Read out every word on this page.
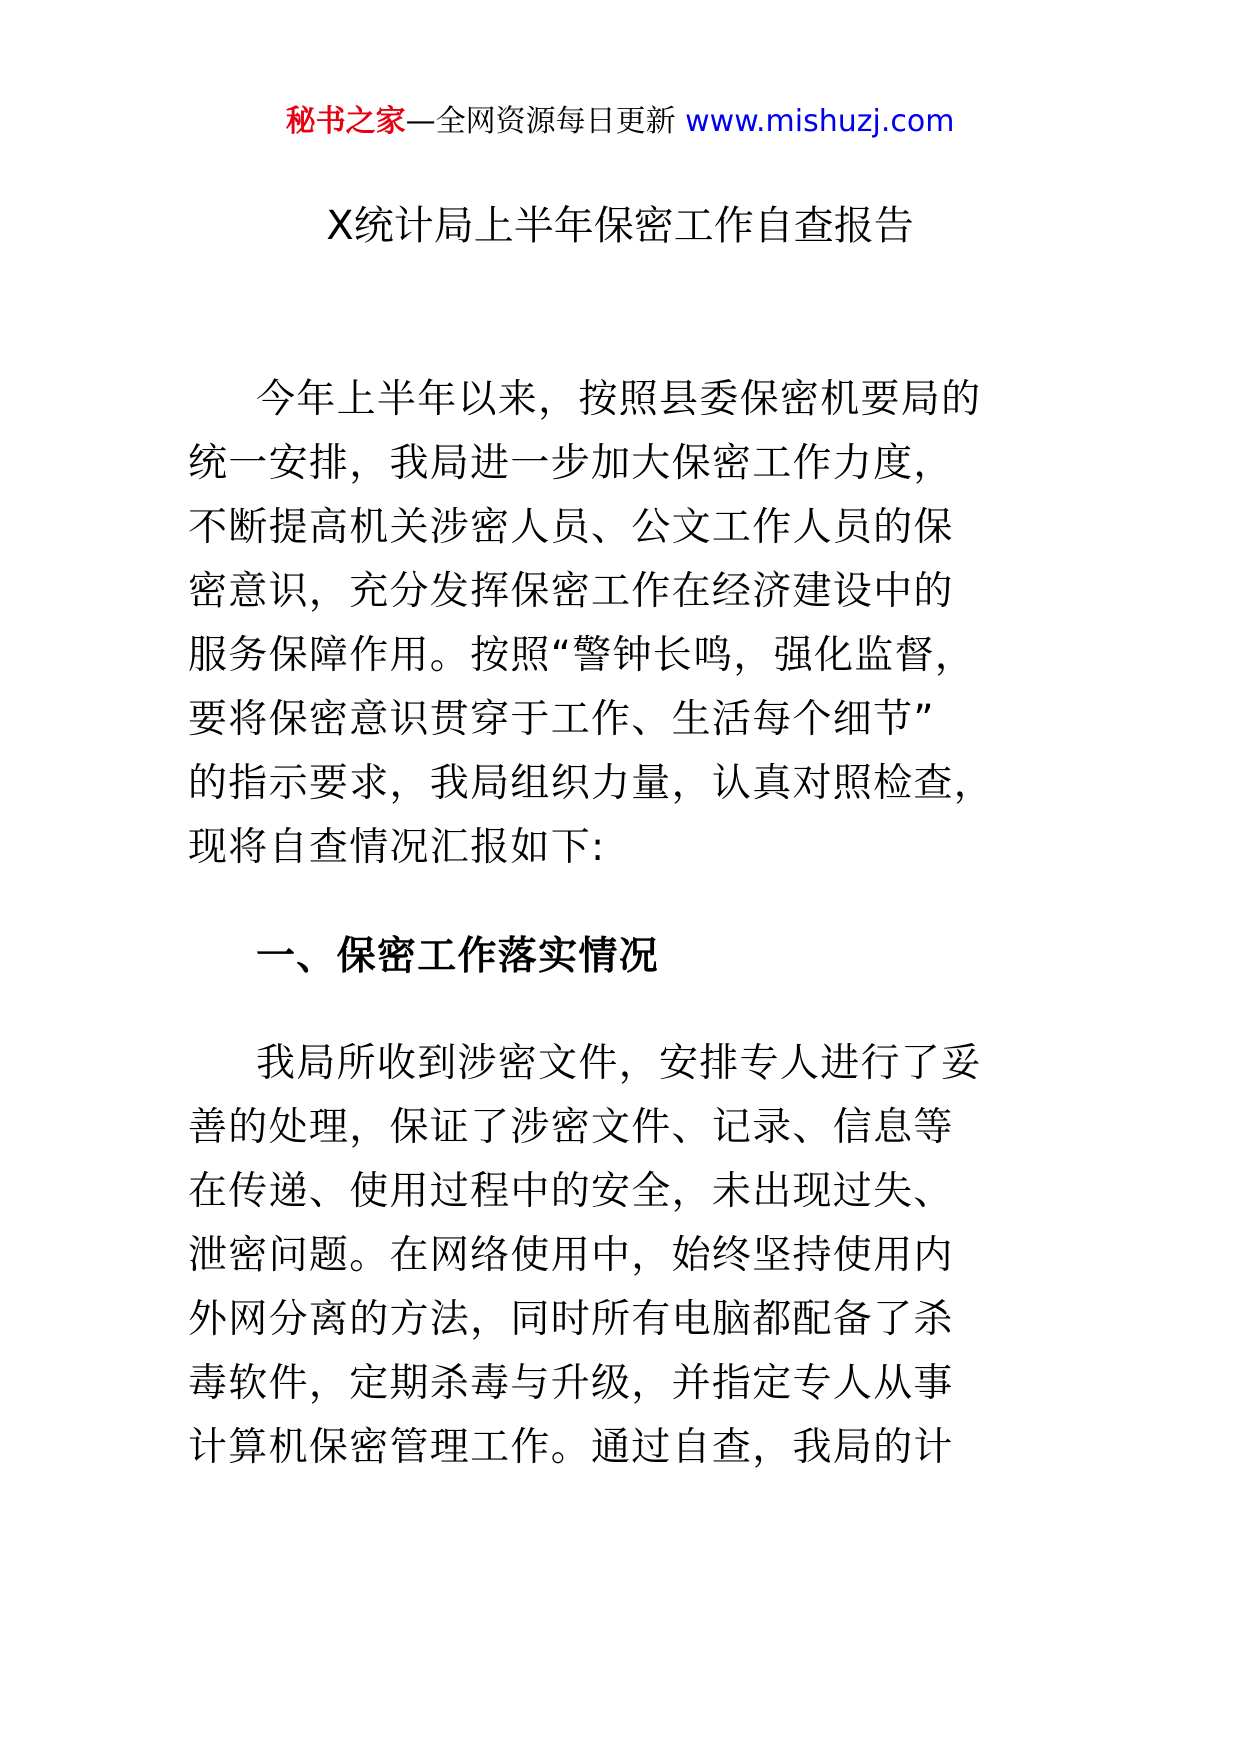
秘书之家—全网资源每日更新 www.mishuzj.com
X统计局上半年保密工作自查报告

今年上半年以来，按照县委保密机要局的
统一安排，我局进一步加大保密工作力度，
不断提高机关涉密人员、公文工作人员的保
密意识，充分发挥保密工作在经济建设中的
服务保障作用。按照“警钟长鸣，强化监督，
要将保密意识贯穿于工作、生活每个细节”
的指示要求，我局组织力量，认真对照检查，
现将自查情况汇报如下:

一、保密工作落实情况

我局所收到涉密文件，安排专人进行了妥
善的处理，保证了涉密文件、记录、信息等
在传递、使用过程中的安全，未出现过失、
泄密问题。在网络使用中，始终坚持使用内
外网分离的方法，同时所有电脑都配备了杀
毒软件，定期杀毒与升级，并指定专人从事
计算机保密管理工作。通过自查，我局的计
